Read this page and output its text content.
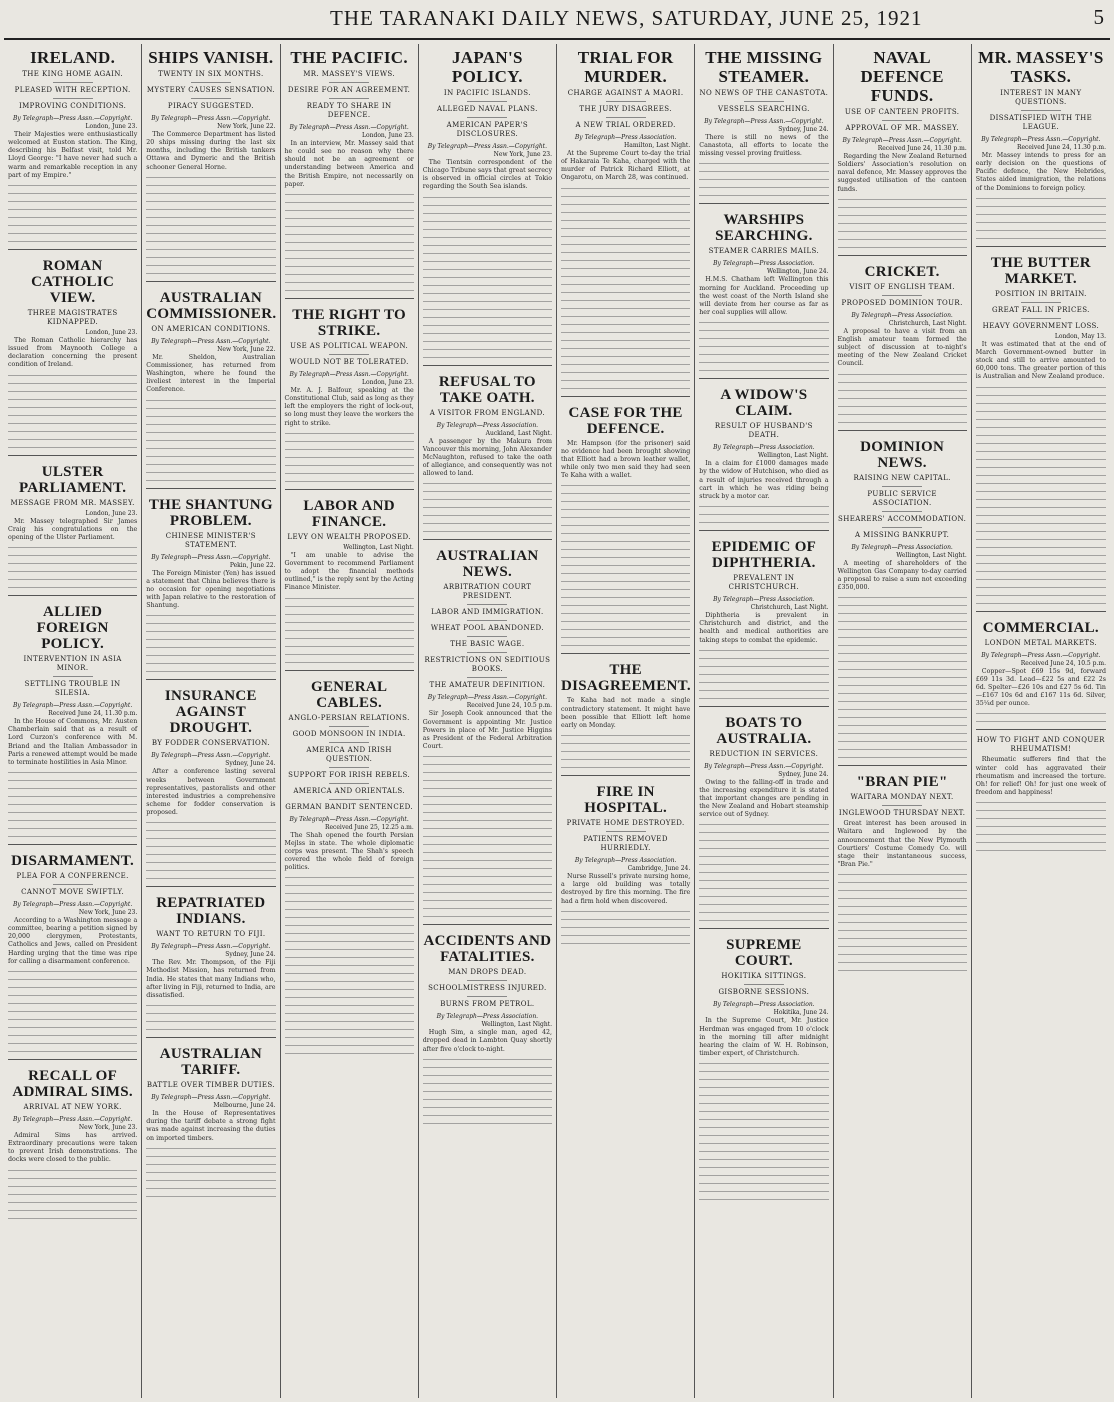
THE TARANAKI DAILY NEWS, SATURDAY, JUNE 25, 1921	5
IRELAND.
THE KING HOME AGAIN.
PLEASED WITH RECEPTION.
IMPROVING CONDITIONS.
By Telegraph—Press Assn.—Copyright.
London, June 23.

Their Majesties were enthusiastically welcomed at Euston station. The King, describing his Belfast visit, told Mr. Lloyd George: "I have never had such a warm and remarkable reception in any part of my Empire."

ROMAN CATHOLIC VIEW.
THREE MAGISTRATES KIDNAPPED.
London, June 23.

The Roman Catholic hierarchy has issued from Maynooth College a declaration concerning the present condition of Ireland.

ULSTER PARLIAMENT.
MESSAGE FROM MR. MASSEY.
London, June 23.

Mr. Massey telegraphed Sir James Craig his congratulations on the opening of the Ulster Parliament.

ALLIED FOREIGN POLICY.
INTERVENTION IN ASIA MINOR.
SETTLING TROUBLE IN SILESIA.
By Telegraph—Press Assn.—Copyright.
Received June 24, 11.30 p.m.

In the House of Commons, Mr. Austen Chamberlain said that as a result of Lord Curzon's conference with M. Briand and the Italian Ambassador in Paris a renewed attempt would be made to terminate hostilities in Asia Minor.

DISARMAMENT.
PLEA FOR A CONFERENCE.
CANNOT MOVE SWIFTLY.
By Telegraph—Press Assn.—Copyright.
New York, June 23.

According to a Washington message a committee, bearing a petition signed by 20,000 clergymen, Protestants, Catholics and Jews, called on President Harding urging that the time was ripe for calling a disarmament conference.

RECALL OF ADMIRAL SIMS.
ARRIVAL AT NEW YORK.
By Telegraph—Press Assn.—Copyright.
New York, June 23.

Admiral Sims has arrived. Extraordinary precautions were taken to prevent Irish demonstrations. The docks were closed to the public.

SHIPS VANISH.
TWENTY IN SIX MONTHS.
MYSTERY CAUSES SENSATION.
PIRACY SUGGESTED.
By Telegraph—Press Assn.—Copyright.
New York, June 22.

The Commerce Department has listed 20 ships missing during the last six months, including the British tankers Ottawa and Dymeric and the British schooner General Horne.

AUSTRALIAN COMMISSIONER.
ON AMERICAN CONDITIONS.
By Telegraph—Press Assn.—Copyright.
New York, June 22.

Mr. Sheldon, Australian Commissioner, has returned from Washington, where he found the liveliest interest in the Imperial Conference.

THE SHANTUNG PROBLEM.
CHINESE MINISTER'S STATEMENT.
By Telegraph—Press Assn.—Copyright.
Pekin, June 22.

The Foreign Minister (Yen) has issued a statement that China believes there is no occasion for opening negotiations with Japan relative to the restoration of Shantung.

INSURANCE AGAINST DROUGHT.
BY FODDER CONSERVATION.
By Telegraph—Press Assn.—Copyright.
Sydney, June 24.

After a conference lasting several weeks between Government representatives, pastoralists and other interested industries a comprehensive scheme for fodder conservation is proposed.

REPATRIATED INDIANS.
WANT TO RETURN TO FIJI.
By Telegraph—Press Assn.—Copyright.
Sydney, June 24.

The Rev. Mr. Thompson, of the Fiji Methodist Mission, has returned from India. He states that many Indians who, after living in Fiji, returned to India, are dissatisfied.

AUSTRALIAN TARIFF.
BATTLE OVER TIMBER DUTIES.
By Telegraph—Press Assn.—Copyright.
Melbourne, June 24.

In the House of Representatives during the tariff debate a strong fight was made against increasing the duties on imported timbers.

THE PACIFIC.
MR. MASSEY'S VIEWS.
DESIRE FOR AN AGREEMENT.
READY TO SHARE IN DEFENCE.
By Telegraph—Press Assn.—Copyright.
London, June 23.

In an interview, Mr. Massey said that he could see no reason why there should not be an agreement or understanding between America and the British Empire, not necessarily on paper.

THE RIGHT TO STRIKE.
USE AS POLITICAL WEAPON.
WOULD NOT BE TOLERATED.
By Telegraph—Press Assn.—Copyright.
London, June 23.

Mr. A. J. Balfour, speaking at the Constitutional Club, said as long as they left the employers the right of lock-out, so long must they leave the workers the right to strike.

LABOR AND FINANCE.
LEVY ON WEALTH PROPOSED.
Wellington, Last Night.

"I am unable to advise the Government to recommend Parliament to adopt the financial methods outlined," is the reply sent by the Acting Finance Minister.

GENERAL CABLES.
ANGLO-PERSIAN RELATIONS.
GOOD MONSOON IN INDIA.
AMERICA AND IRISH QUESTION.
SUPPORT FOR IRISH REBELS.
AMERICA AND ORIENTALS.
GERMAN BANDIT SENTENCED.
By Telegraph—Press Assn.—Copyright.
Received June 25, 12.25 a.m.

The Shah opened the fourth Persian Mejlss in state. The whole diplomatic corps was present. The Shah's speech covered the whole field of foreign politics.

JAPAN'S POLICY.
IN PACIFIC ISLANDS.
ALLEGED NAVAL PLANS.
AMERICAN PAPER'S DISCLOSURES.
By Telegraph—Press Assn.—Copyright.
New York, June 23.

The Tientsin correspondent of the Chicago Tribune says that great secrecy is observed in official circles at Tokio regarding the South Sea islands.

REFUSAL TO TAKE OATH.
A VISITOR FROM ENGLAND.
By Telegraph—Press Association.
Auckland, Last Night.

A passenger by the Makura from Vancouver this morning, John Alexander McNaughton, refused to take the oath of allegiance, and consequently was not allowed to land.

AUSTRALIAN NEWS.
ARBITRATION COURT PRESIDENT.
LABOR AND IMMIGRATION.
WHEAT POOL ABANDONED.
THE BASIC WAGE.
RESTRICTIONS ON SEDITIOUS BOOKS.
THE AMATEUR DEFINITION.
By Telegraph—Press Assn.—Copyright.
Received June 24, 10.5 p.m.

Sir Joseph Cook announced that the Government is appointing Mr. Justice Powers in place of Mr. Justice Higgins as President of the Federal Arbitration Court.

ACCIDENTS AND FATALITIES.
MAN DROPS DEAD.
SCHOOLMISTRESS INJURED.
BURNS FROM PETROL.
By Telegraph—Press Association.
Wellington, Last Night.

Hugh Sim, a single man, aged 42, dropped dead in Lambton Quay shortly after five o'clock to-night.

TRIAL FOR MURDER.
CHARGE AGAINST A MAORI.
THE JURY DISAGREES.
A NEW TRIAL ORDERED.
By Telegraph—Press Association.
Hamilton, Last Night.

At the Supreme Court to-day the trial of Hakaraia Te Kaha, charged with the murder of Patrick Richard Elliott, at Ongarotu, on March 28, was continued.

CASE FOR THE DEFENCE.

Mr. Hampson (for the prisoner) said no evidence had been brought showing that Elliott had a brown leather wallet, while only two men said they had seen Te Kaha with a wallet.

THE DISAGREEMENT.

Te Kaha had not made a single contradictory statement. It might have been possible that Elliott left home early on Monday.

FIRE IN HOSPITAL.
PRIVATE HOME DESTROYED.
PATIENTS REMOVED HURRIEDLY.
By Telegraph—Press Association.
Cambridge, June 24.

Nurse Russell's private nursing home, a large old building was totally destroyed by fire this morning. The fire had a firm hold when discovered.

THE MISSING STEAMER.
NO NEWS OF THE CANASTOTA.
VESSELS SEARCHING.
By Telegraph—Press Assn.—Copyright.
Sydney, June 24.

There is still no news of the Canastota, all efforts to locate the missing vessel proving fruitless.

WARSHIPS SEARCHING.
STEAMER CARRIES MAILS.
By Telegraph—Press Association.
Wellington, June 24.

H.M.S. Chatham left Wellington this morning for Auckland. Proceeding up the west coast of the North Island she will deviate from her course as far as her coal supplies will allow.

A WIDOW'S CLAIM.
RESULT OF HUSBAND'S DEATH.
By Telegraph—Press Association.
Wellington, Last Night.

In a claim for £1000 damages made by the widow of Hutchison, who died as a result of injuries received through a cart in which he was riding being struck by a motor car.

EPIDEMIC OF DIPHTHERIA.
PREVALENT IN CHRISTCHURCH.
By Telegraph—Press Association.
Christchurch, Last Night.

Diphtheria is prevalent in Christchurch and district, and the health and medical authorities are taking steps to combat the epidemic.

BOATS TO AUSTRALIA.
REDUCTION IN SERVICES.
By Telegraph—Press Assn.—Copyright.
Sydney, June 24.

Owing to the falling-off in trade and the increasing expenditure it is stated that important changes are pending in the New Zealand and Hobart steamship service out of Sydney.

SUPREME COURT.
HOKITIKA SITTINGS.
GISBORNE SESSIONS.
By Telegraph—Press Association.
Hokitika, June 24.

In the Supreme Court, Mr. Justice Herdman was engaged from 10 o'clock in the morning till after midnight hearing the claim of W. H. Robinson, timber expert, of Christchurch.

NAVAL DEFENCE FUNDS.
USE OF CANTEEN PROFITS.
APPROVAL OF MR. MASSEY.
By Telegraph—Press Assn.—Copyright.
Received June 24, 11.30 p.m.

Regarding the New Zealand Returned Soldiers' Association's resolution on naval defence, Mr. Massey approves the suggested utilisation of the canteen funds.

CRICKET.
VISIT OF ENGLISH TEAM.
PROPOSED DOMINION TOUR.
By Telegraph—Press Association.
Christchurch, Last Night.

A proposal to have a visit from an English amateur team formed the subject of discussion at to-night's meeting of the New Zealand Cricket Council.

DOMINION NEWS.
RAISING NEW CAPITAL.
PUBLIC SERVICE ASSOCIATION.
SHEARERS' ACCOMMODATION.
A MISSING BANKRUPT.
By Telegraph—Press Association.
Wellington, Last Night.

A meeting of shareholders of the Wellington Gas Company to-day carried a proposal to raise a sum not exceeding £350,000.

"BRAN PIE"
WAITARA MONDAY NEXT.
INGLEWOOD THURSDAY NEXT.

Great interest has been aroused in Waitara and Inglewood by the announcement that the New Plymouth Courtiers' Costume Comedy Co. will stage their instantaneous success, "Bran Pie."

MR. MASSEY'S TASKS.
INTEREST IN MANY QUESTIONS.
DISSATISFIED WITH THE LEAGUE.
By Telegraph—Press Assn.—Copyright.
Received June 24, 11.30 p.m.

Mr. Massey intends to press for an early decision on the questions of Pacific defence, the New Hebrides, States aided immigration, the relations of the Dominions to foreign policy.

THE BUTTER MARKET.
POSITION IN BRITAIN.
GREAT FALL IN PRICES.
HEAVY GOVERNMENT LOSS.
London, May 13.

It was estimated that at the end of March Government-owned butter in stock and still to arrive amounted to 60,000 tons. The greater portion of this is Australian and New Zealand produce.

COMMERCIAL.
LONDON METAL MARKETS.
By Telegraph—Press Assn.—Copyright.
Received June 24, 10.5 p.m.

Copper—Spot £69 15s 9d, forward £69 11s 3d. Lead—£22 5s and £22 2s 6d. Spelter—£26 10s and £27 5s 6d. Tin—£167 10s 6d and £167 11s 6d. Silver, 35¼d per ounce.

HOW TO FIGHT AND CONQUER RHEUMATISM!

Rheumatic sufferers find that the winter cold has aggravated their rheumatism and increased the torture. Oh! for relief! Oh! for just one week of freedom and happiness!
